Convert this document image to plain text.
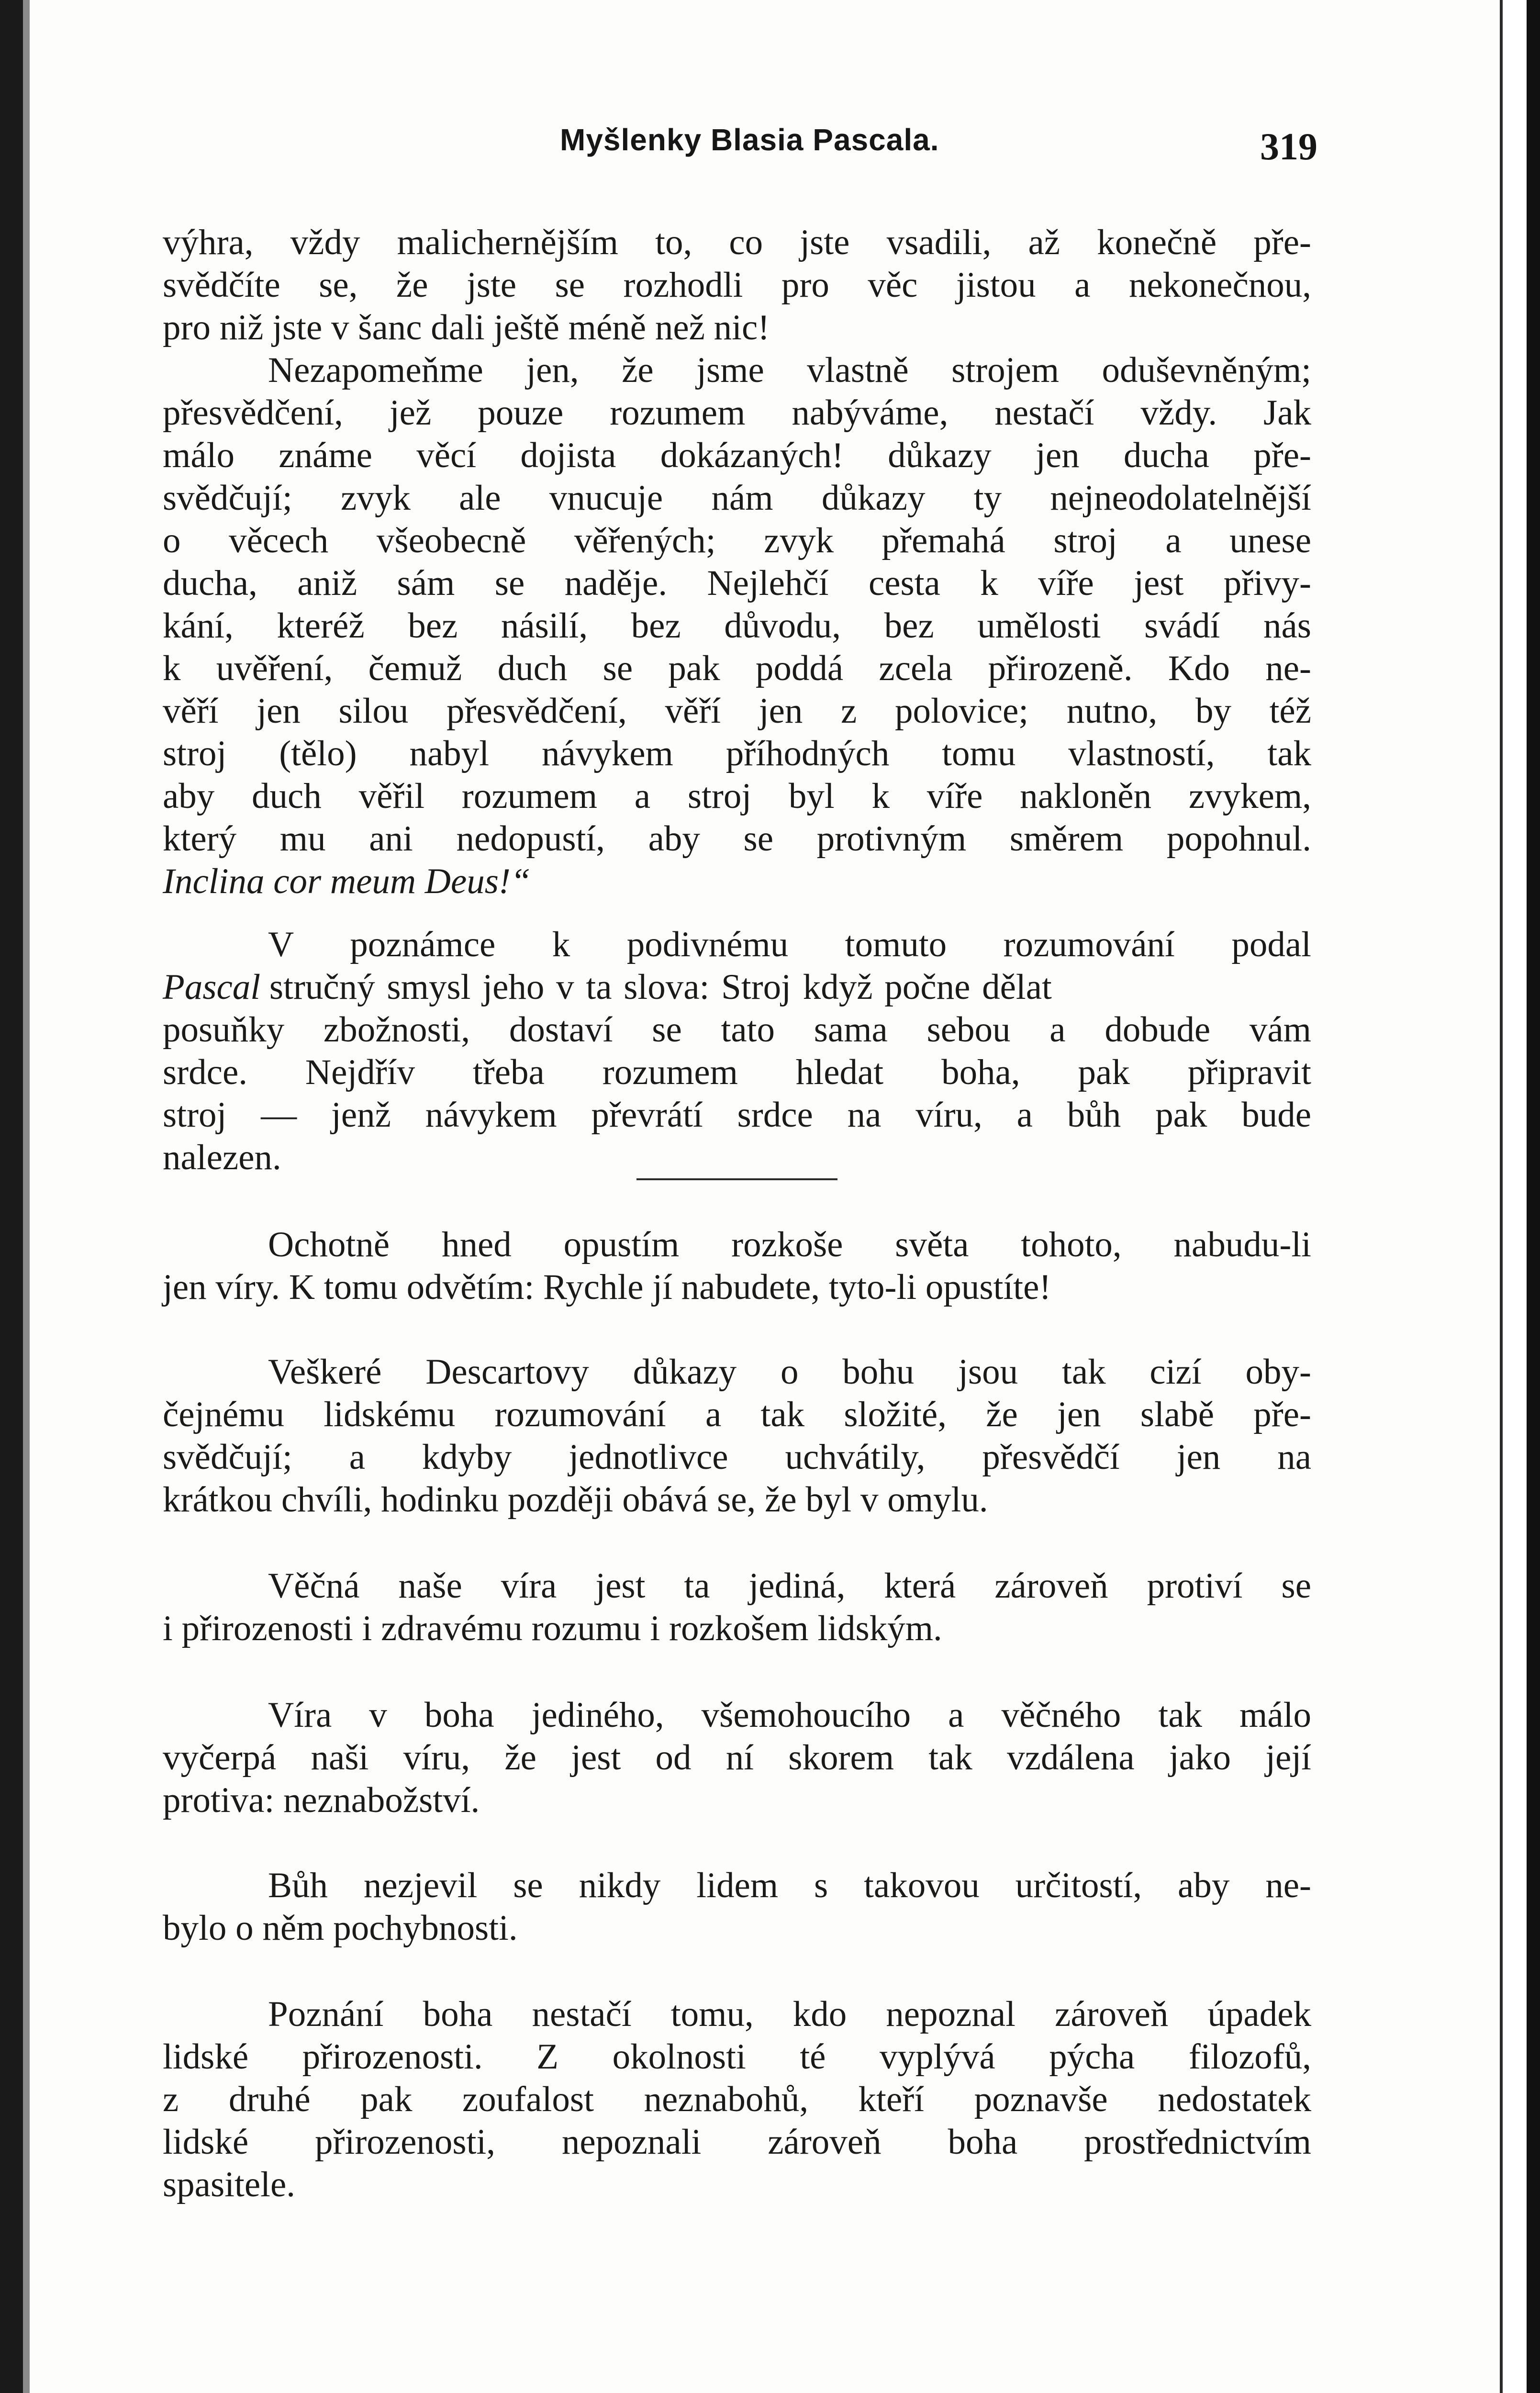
Myšlenky Blasia Pascala.	319
výhra, vždy malichernějším to, co jste vsadili, až konečně pře-
svědčíte se, že jste se rozhodli pro věc jistou a nekonečnou,
pro niž jste v šanc dali ještě méně než nic!
Nezapomeňme jen, že jsme vlastně strojem oduševněným;
přesvědčení, jež pouze rozumem nabýváme, nestačí vždy. Jak
málo známe věcí dojista dokázaných! důkazy jen ducha pře-
svědčují; zvyk ale vnucuje nám důkazy ty nejneodolatelnější
o věcech všeobecně věřených; zvyk přemahá stroj a unese
ducha, aniž sám se naděje. Nejlehčí cesta k víře jest přivy-
kání, kteréž bez násilí, bez důvodu, bez umělosti svádí nás
k uvěření, čemuž duch se pak poddá zcela přirozeně. Kdo ne-
věří jen silou přesvědčení, věří jen z polovice; nutno, by též
stroj (tělo) nabyl návykem příhodných tomu vlastností, tak
aby duch věřil rozumem a stroj byl k víře nakloněn zvykem,
který mu ani nedopustí, aby se protivným směrem popohnul.
Inclina cor meum Deus!“
V poznámce k podivnému tomuto rozumování podal
Pascal stručný smysl jeho v ta slova: Stroj když počne dělat
posuňky zbožnosti, dostaví se tato sama sebou a dobude vám
srdce. Nejdřív třeba rozumem hledat boha, pak připravit
stroj — jenž návykem převrátí srdce na víru, a bůh pak bude
nalezen.
Ochotně hned opustím rozkoše světa tohoto, nabudu-li
jen víry. K tomu odvětím: Rychle jí nabudete, tyto-li opustíte!
Veškeré Descartovy důkazy o bohu jsou tak cizí oby-
čejnému lidskému rozumování a tak složité, že jen slabě pře-
svědčují; a kdyby jednotlivce uchvátily, přesvědčí jen na
krátkou chvíli, hodinku později obává se, že byl v omylu.
Věčná naše víra jest ta jediná, která zároveň protiví se
i přirozenosti i zdravému rozumu i rozkošem lidským.
Víra v boha jediného, všemohoucího a věčného tak málo
vyčerpá naši víru, že jest od ní skorem tak vzdálena jako její
protiva: neznabožství.
Bůh nezjevil se nikdy lidem s takovou určitostí, aby ne-
bylo o něm pochybnosti.
Poznání boha nestačí tomu, kdo nepoznal zároveň úpadek
lidské přirozenosti. Z okolnosti té vyplývá pýcha filozofů,
z druhé pak zoufalost neznabohů, kteří poznavše nedostatek
lidské přirozenosti, nepoznali zároveň boha prostřednictvím
spasitele.
